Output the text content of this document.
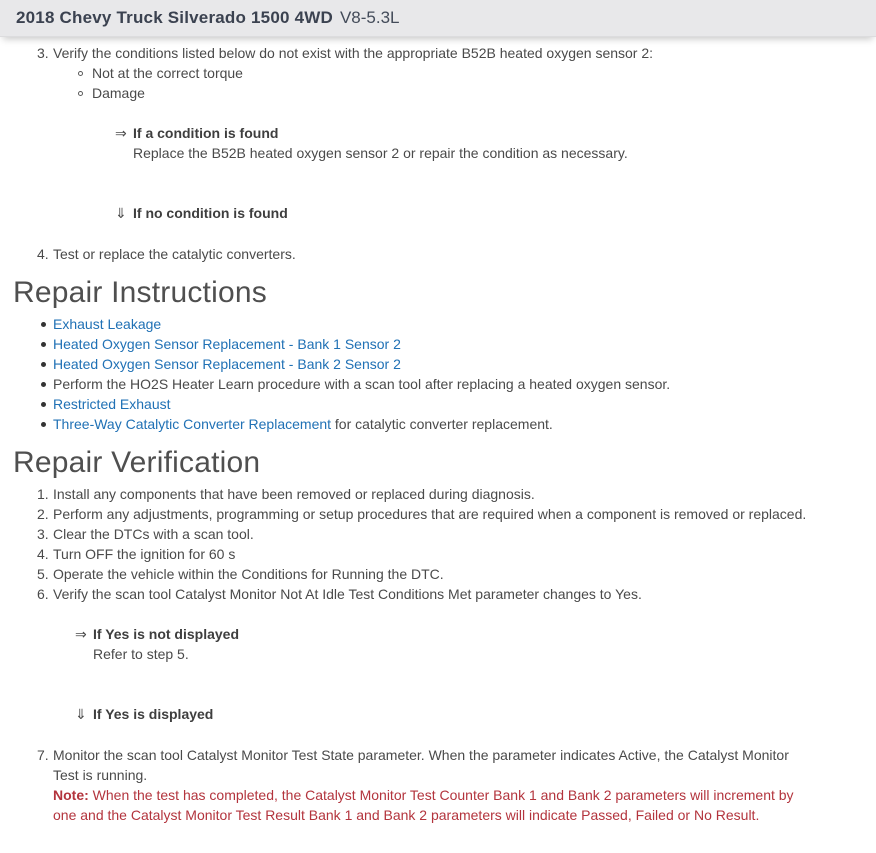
2018 Chevy Truck Silverado 1500 4WD V8-5.3L
3. Verify the conditions listed below do not exist with the appropriate B52B heated oxygen sensor 2:
Not at the correct torque
Damage
⇒ If a condition is found
Replace the B52B heated oxygen sensor 2 or repair the condition as necessary.
⇓ If no condition is found
4. Test or replace the catalytic converters.
Repair Instructions
Exhaust Leakage
Heated Oxygen Sensor Replacement - Bank 1 Sensor 2
Heated Oxygen Sensor Replacement - Bank 2 Sensor 2
Perform the HO2S Heater Learn procedure with a scan tool after replacing a heated oxygen sensor.
Restricted Exhaust
Three-Way Catalytic Converter Replacement for catalytic converter replacement.
Repair Verification
1. Install any components that have been removed or replaced during diagnosis.
2. Perform any adjustments, programming or setup procedures that are required when a component is removed or replaced.
3. Clear the DTCs with a scan tool.
4. Turn OFF the ignition for 60 s
5. Operate the vehicle within the Conditions for Running the DTC.
6. Verify the scan tool Catalyst Monitor Not At Idle Test Conditions Met parameter changes to Yes.
⇒ If Yes is not displayed
Refer to step 5.
⇓ If Yes is displayed
7. Monitor the scan tool Catalyst Monitor Test State parameter. When the parameter indicates Active, the Catalyst Monitor Test is running.
Note: When the test has completed, the Catalyst Monitor Test Counter Bank 1 and Bank 2 parameters will increment by one and the Catalyst Monitor Test Result Bank 1 and Bank 2 parameters will indicate Passed, Failed or No Result.
